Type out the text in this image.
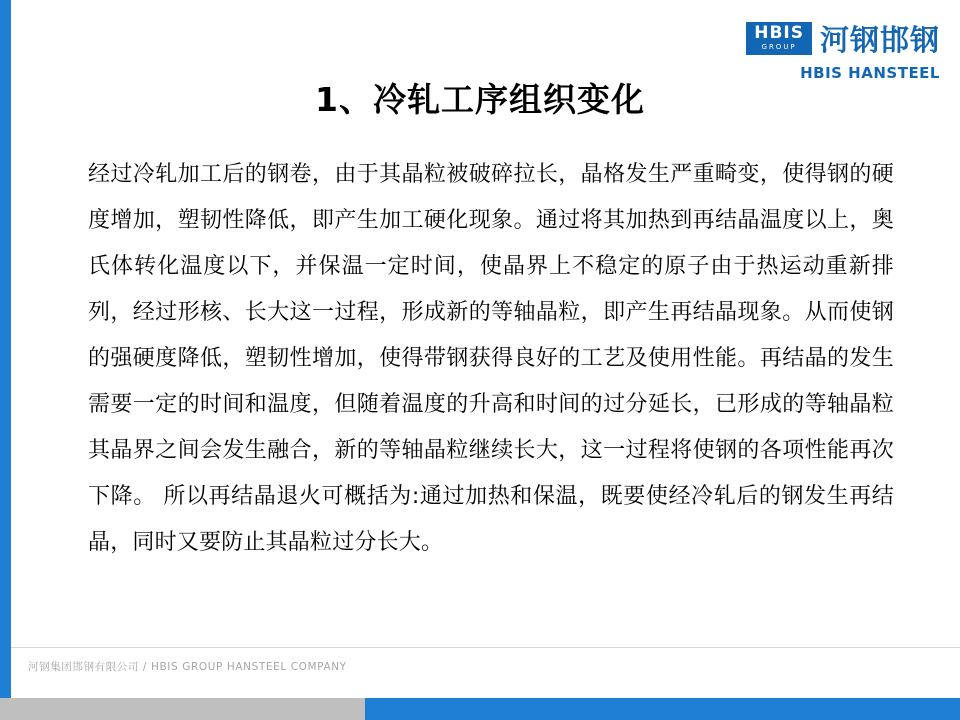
HBIS
GROUP 河钢邯钢
HBIS HANSTEEL
1、冷轧工序组织变化
经过冷轧加工后的钢卷，由于其晶粒被破碎拉长，晶格发生严重畸变，使得钢的硬度增加，塑韧性降低，即产生加工硬化现象。通过将其加热到再结晶温度以上，奥氏体转化温度以下，并保温一定时间，使晶界上不稳定的原子由于热运动重新排列，经过形核、长大这一过程，形成新的等轴晶粒，即产生再结晶现象。从而使钢的强硬度降低，塑韧性增加，使得带钢获得良好的工艺及使用性能。再结晶的发生需要一定的时间和温度，但随着温度的升高和时间的过分延长，已形成的等轴晶粒其晶界之间会发生融合，新的等轴晶粒继续长大，这一过程将使钢的各项性能再次下降。 所以再结晶退火可概括为:通过加热和保温，既要使经冷轧后的钢发生再结晶，同时又要防止其晶粒过分长大。
河钢集团邯钢有限公司 / HBIS GROUP HANSTEEL COMPANY
